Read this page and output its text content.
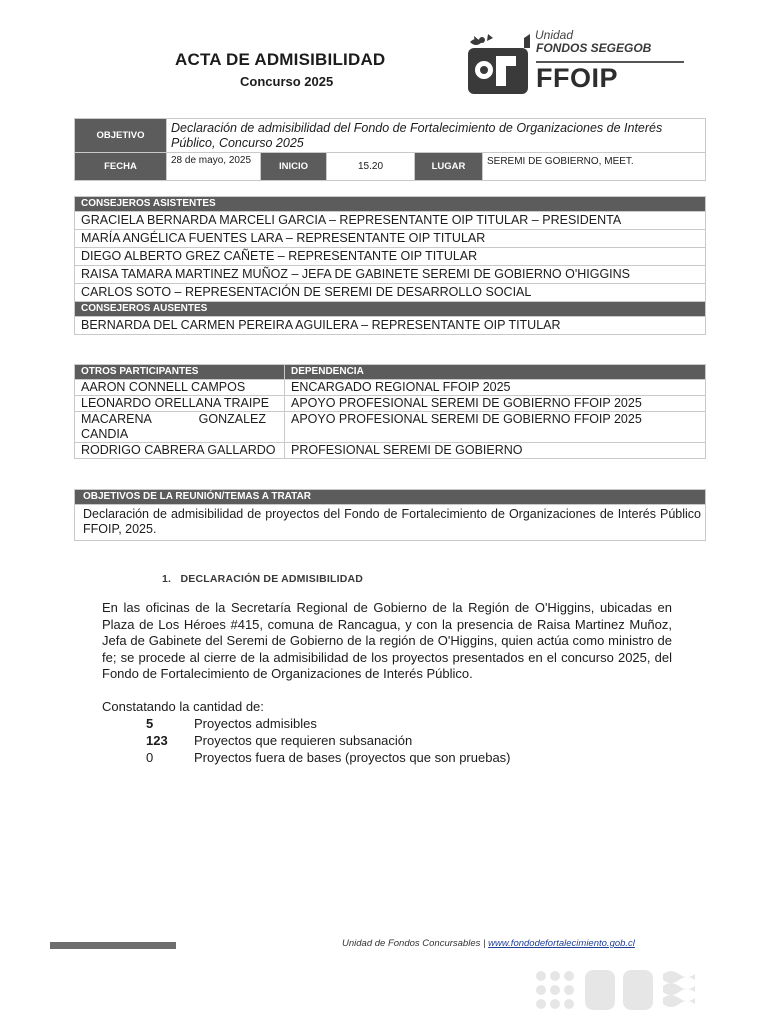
ACTA DE ADMISIBILIDAD
Concurso 2025
Unidad
FONDOS SEGEGOB
FFOIP
OBJETIVO	Declaración de admisibilidad del Fondo de Fortalecimiento de Organizaciones de Interés Público, Concurso 2025				
FECHA	28 de mayo, 2025	INICIO	15.20	LUGAR	SEREMI DE GOBIERNO, MEET.
CONSEJEROS ASISTENTES
GRACIELA BERNARDA MARCELI GARCIA – REPRESENTANTE OIP TITULAR – PRESIDENTA
MARÍA ANGÉLICA FUENTES LARA – REPRESENTANTE OIP TITULAR
DIEGO ALBERTO GREZ CAÑETE – REPRESENTANTE OIP TITULAR
RAISA TAMARA MARTINEZ MUÑOZ – JEFA DE GABINETE SEREMI DE GOBIERNO O'HIGGINS
CARLOS SOTO – REPRESENTACIÓN DE SEREMI DE DESARROLLO SOCIAL
CONSEJEROS AUSENTES
BERNARDA DEL CARMEN PEREIRA AGUILERA – REPRESENTANTE OIP TITULAR
OTROS PARTICIPANTES	DEPENDENCIA
AARON CONNELL CAMPOS	ENCARGADO REGIONAL FFOIP 2025
LEONARDO ORELLANA TRAIPE	APOYO PROFESIONAL SEREMI DE GOBIERNO FFOIP 2025

MACARENA GONZALEZ CANDIA	APOYO PROFESIONAL SEREMI DE GOBIERNO FFOIP 2025
RODRIGO CABRERA GALLARDO	PROFESIONAL SEREMI DE GOBIERNO
OBJETIVOS DE LA REUNIÓN/TEMAS A TRATAR
Declaración de admisibilidad de proyectos del Fondo de Fortalecimiento de Organizaciones de Interés Público FFOIP, 2025.
1.   DECLARACIÓN DE ADMISIBILIDAD
En las oficinas de la Secretaría Regional de Gobierno de la Región de O'Higgins, ubicadas en Plaza de Los Héroes #415, comuna de Rancagua, y con la presencia de Raisa Martinez Muñoz, Jefa de Gabinete del Seremi de Gobierno de la región de O'Higgins, quien actúa como ministro de fe; se procede al cierre de la admisibilidad de los proyectos presentados en el concurso 2025, del Fondo de Fortalecimiento de Organizaciones de Interés Público.
Constatando la cantidad de:
5	Proyectos admisibles
123 Proyectos que requieren subsanación
0	Proyectos fuera de bases (proyectos que son pruebas)
Unidad de Fondos Concursables | www.fondodefortalecimiento.gob.cl
